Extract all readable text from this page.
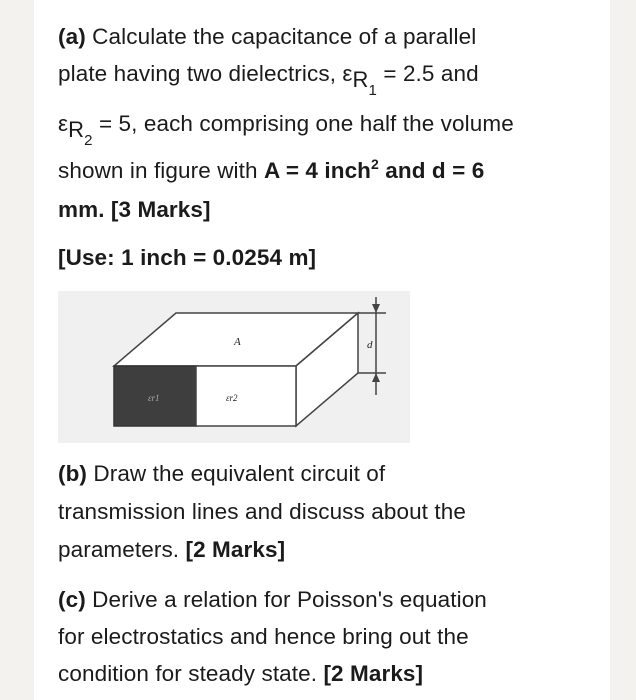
(a) Calculate the capacitance of a parallel
plate having two dielectrics, $\varepsilon R_1 = 2.5$ and
$\varepsilon R_2 = 5$, each comprising one half the volume
shown in figure with A = 4 inch$^2$ and d = 6
mm. [3 Marks]
[Use: 1 inch = 0.0254 m]
A	d
εr1	εr2
(b) Draw the equivalent circuit of
transmission lines and discuss about the
parameters. [2 Marks]
(c) Derive a relation for Poisson's equation
for electrostatics and hence bring out the
condition for steady state. [2 Marks]
